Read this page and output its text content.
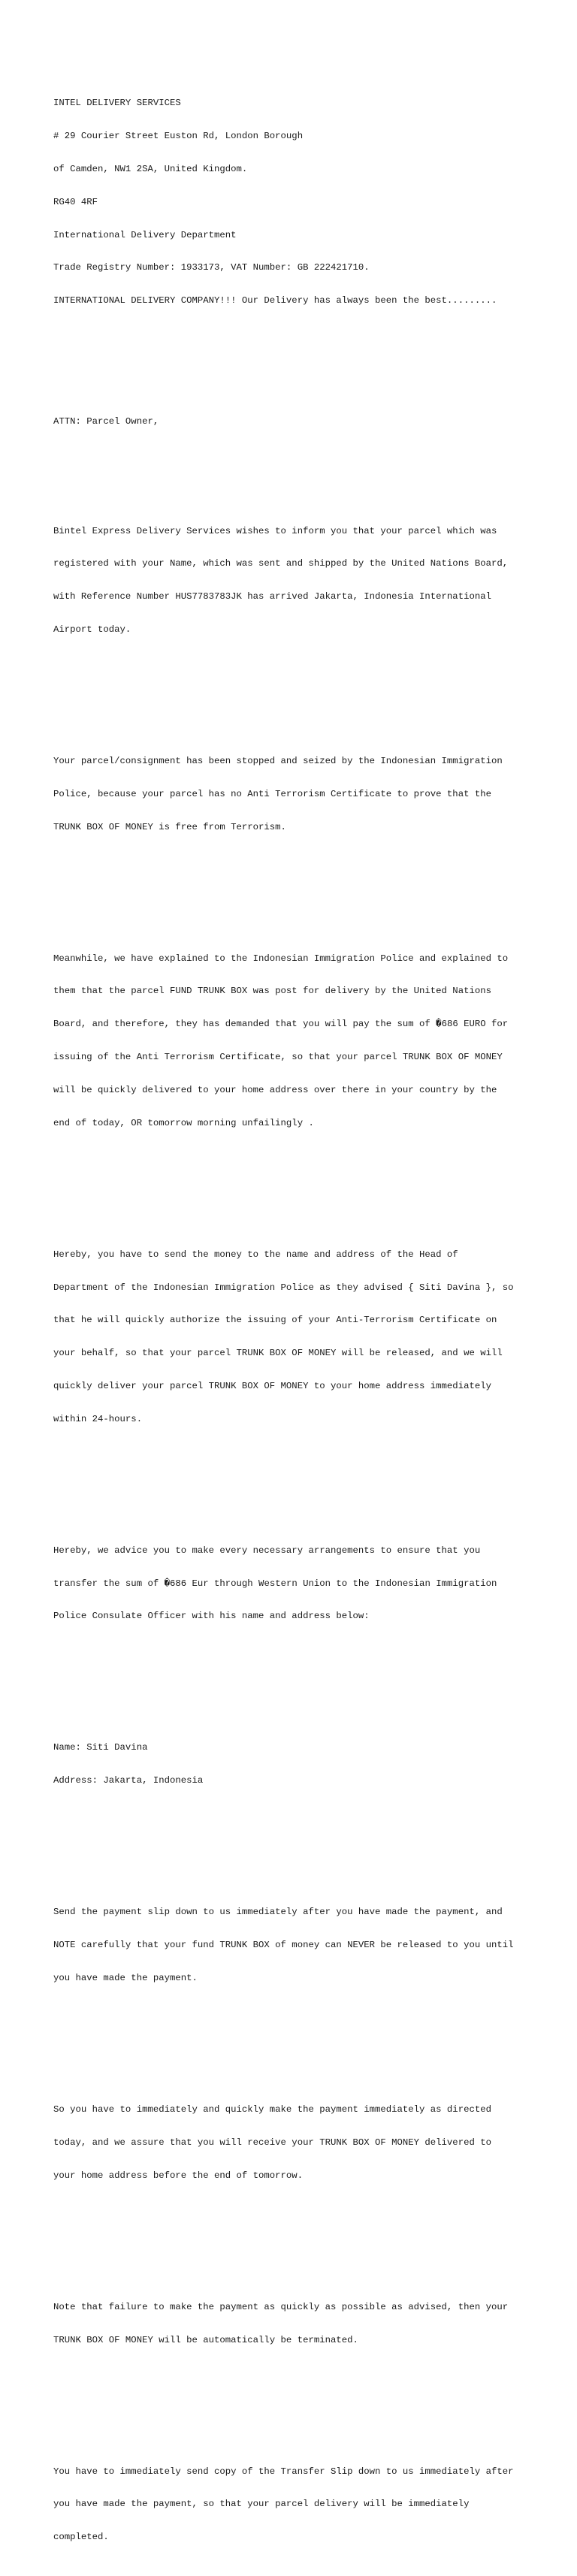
INTEL DELIVERY SERVICES

# 29 Courier Street Euston Rd, London Borough

of Camden, NW1 2SA, United Kingdom.

RG40 4RF

International Delivery Department

Trade Registry Number: 1933173, VAT Number: GB 222421710.

INTERNATIONAL DELIVERY COMPANY!!! Our Delivery has always been the best.........

ATTN: Parcel Owner,

Bintel Express Delivery Services wishes to inform you that your parcel which was

registered with your Name, which was sent and shipped by the United Nations Board,

with Reference Number HUS7783783JK has arrived Jakarta, Indonesia International

Airport today.

Your parcel/consignment has been stopped and seized by the Indonesian Immigration

Police, because your parcel has no Anti Terrorism Certificate to prove that the

TRUNK BOX OF MONEY is free from Terrorism.

Meanwhile, we have explained to the Indonesian Immigration Police and explained to

them that the parcel FUND TRUNK BOX was post for delivery by the United Nations

Board, and therefore, they has demanded that you will pay the sum of �686 EURO for

issuing of the Anti Terrorism Certificate, so that your parcel TRUNK BOX OF MONEY

will be quickly delivered to your home address over there in your country by the

end of today, OR tomorrow morning unfailingly .

Hereby, you have to send the money to the name and address of the Head of

Department of the Indonesian Immigration Police as they advised { Siti Davina }, so

that he will quickly authorize the issuing of your Anti-Terrorism Certificate on

your behalf, so that your parcel TRUNK BOX OF MONEY will be released, and we will

quickly deliver your parcel TRUNK BOX OF MONEY to your home address immediately

within 24-hours.

Hereby, we advice you to make every necessary arrangements to ensure that you

transfer the sum of �686 Eur through Western Union to the Indonesian Immigration

Police Consulate Officer with his name and address below:

Name: Siti Davina

Address: Jakarta, Indonesia

Send the payment slip down to us immediately after you have made the payment, and

NOTE carefully that your fund TRUNK BOX of money can NEVER be released to you until

you have made the payment.

So you have to immediately and quickly make the payment immediately as directed

today, and we assure that you will receive your TRUNK BOX OF MONEY delivered to

your home address before the end of tomorrow.

Note that failure to make the payment as quickly as possible as advised, then your

TRUNK BOX OF MONEY will be automatically be terminated.

You have to immediately send copy of the Transfer Slip down to us immediately after

you have made the payment, so that your parcel delivery will be immediately

completed.
